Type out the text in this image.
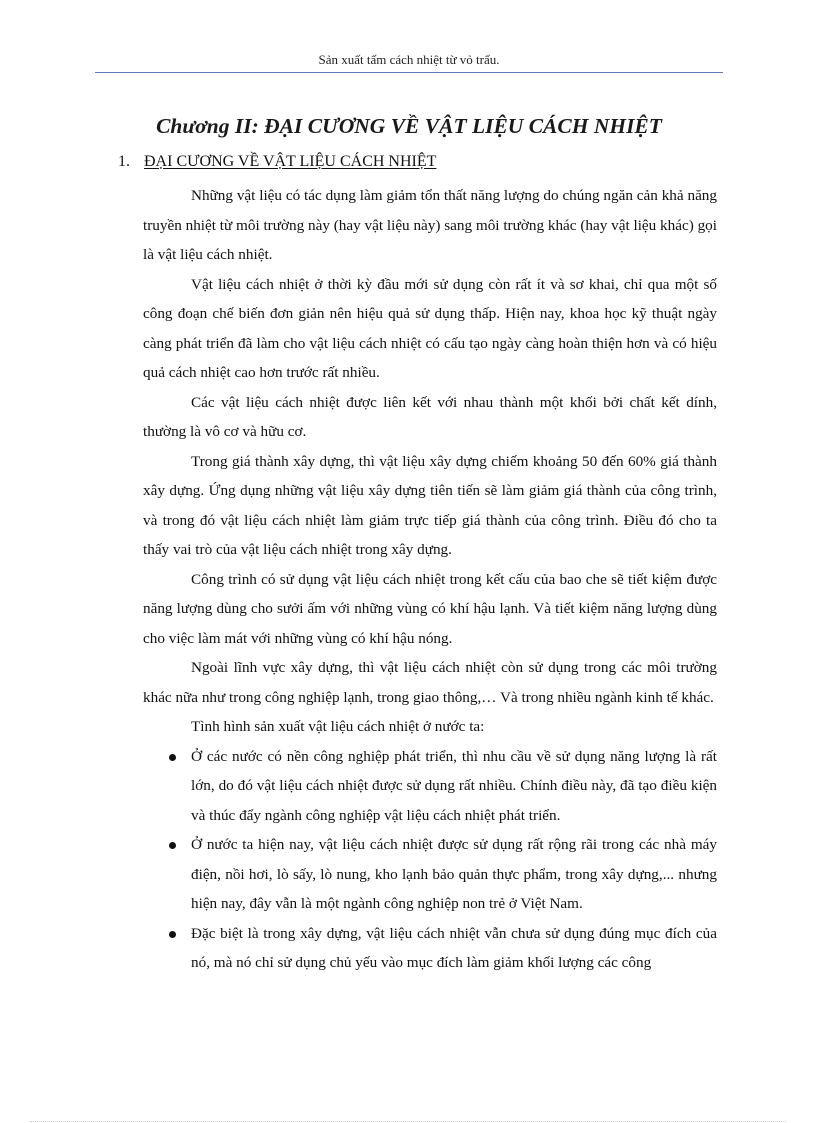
Sản xuất tấm cách nhiệt từ vỏ trấu.
Chương II: ĐẠI CƯƠNG VỀ VẬT LIỆU CÁCH NHIỆT
1. ĐẠI CƯƠNG VỀ VẬT LIỆU CÁCH NHIỆT

Những vật liệu có tác dụng làm giảm tổn thất năng lượng do chúng ngăn cản khả năng truyền nhiệt từ môi trường này (hay vật liệu này) sang môi trường khác (hay vật liệu khác) gọi là vật liệu cách nhiệt.

Vật liệu cách nhiệt ở thời kỳ đầu mới sử dụng còn rất ít và sơ khai, chỉ qua một số công đoạn chế biến đơn giản nên hiệu quả sử dụng thấp. Hiện nay, khoa học kỹ thuật ngày càng phát triển đã làm cho vật liệu cách nhiệt có cấu tạo ngày càng hoàn thiện hơn và có hiệu quả cách nhiệt cao hơn trước rất nhiều.

Các vật liệu cách nhiệt được liên kết với nhau thành một khối bởi chất kết dính, thường là vô cơ và hữu cơ.

Trong giá thành xây dựng, thì vật liệu xây dựng chiếm khoảng 50 đến 60% giá thành xây dựng. Ứng dụng những vật liệu xây dựng tiên tiến sẽ làm giảm giá thành của công trình, và trong đó vật liệu cách nhiệt làm giảm trực tiếp giá thành của công trình. Điều đó cho ta thấy vai trò của vật liệu cách nhiệt trong xây dựng.

Công trình có sử dụng vật liệu cách nhiệt trong kết cấu của bao che sẽ tiết kiệm được năng lượng dùng cho sưởi ấm với những vùng có khí hậu lạnh. Và tiết kiệm năng lượng dùng cho việc làm mát với những vùng có khí hậu nóng.

Ngoài lĩnh vực xây dựng, thì vật liệu cách nhiệt còn sử dụng trong các môi trường khác nữa như trong công nghiệp lạnh, trong giao thông,… Và trong nhiều ngành kinh tế khác.

Tình hình sản xuất vật liệu cách nhiệt ở nước ta:

Ở các nước có nền công nghiệp phát triển, thì nhu cầu về sử dụng năng lượng là rất lớn, do đó vật liệu cách nhiệt được sử dụng rất nhiều. Chính điều này, đã tạo điều kiện và thúc đẩy ngành công nghiệp vật liệu cách nhiệt phát triển.
Ở nước ta hiện nay, vật liệu cách nhiệt được sử dụng rất rộng rãi trong các nhà máy điện, nồi hơi, lò sấy, lò nung, kho lạnh bảo quản thực phẩm, trong xây dựng,... nhưng hiện nay, đây vẫn là một ngành công nghiệp non trẻ ở Việt Nam.
Đặc biệt là trong xây dựng, vật liệu cách nhiệt vẫn chưa sử dụng đúng mục đích của nó, mà nó chỉ sử dụng chủ yếu vào mục đích làm giảm khối lượng các công
